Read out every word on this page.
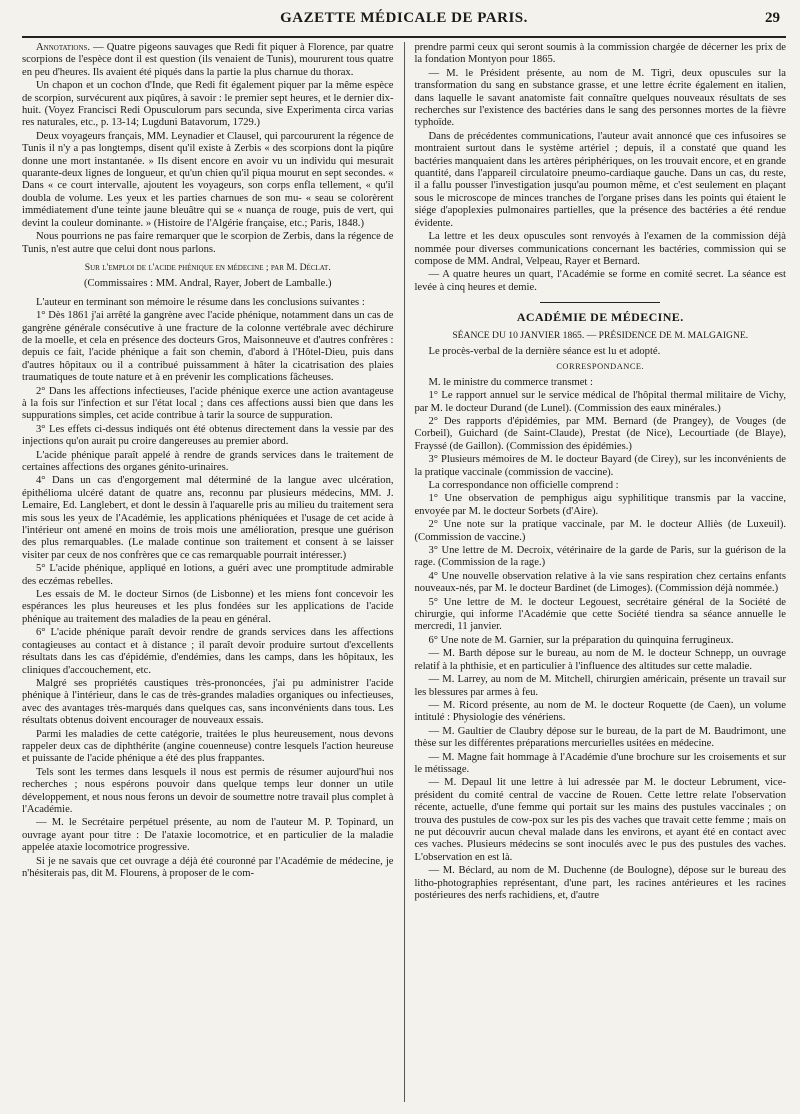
GAZETTE MÉDICALE DE PARIS.	29

Annotations. — Quatre pigeons sauvages que Redi fit piquer à Florence, par quatre scorpions de l'espèce dont il est question (ils venaient de Tunis), moururent tous quatre en peu d'heures. Ils avaient été piqués dans la partie la plus charnue du thorax.

Un chapon et un cochon d'Inde, que Redi fit également piquer par la même espèce de scorpion, survécurent aux piqûres, à savoir : le premier sept heures, et le dernier dix-huit. (Voyez Francisci Redi Opusculorum pars secunda, sive Experimenta circa varias res naturales, etc., p. 13-14; Lugduni Batavorum, 1729.)

Deux voyageurs français, MM. Leynadier et Clausel, qui parcoururent la régence de Tunis il n'y a pas longtemps, disent qu'il existe à Zerbis « des scorpions dont la piqûre donne une mort instantanée. » Ils disent encore en avoir vu un individu qui mesurait quarante-deux lignes de longueur, et qu'un chien qu'il piqua mourut en sept secondes. « Dans « ce court intervalle, ajoutent les voyageurs, son corps enfla tellement, « qu'il doubla de volume. Les yeux et les parties charnues de son mu- « seau se colorèrent immédiatement d'une teinte jaune bleuâtre qui se « nuança de rouge, puis de vert, qui devint la couleur dominante. » (Histoire de l'Algérie française, etc.; Paris, 1848.)

Nous pourrions ne pas faire remarquer que le scorpion de Zerbis, dans la régence de Tunis, n'est autre que celui dont nous parlons.

Sur l'emploi de l'acide phénique en médecine ; par M. Déclat.
(Commissaires : MM. Andral, Rayer, Jobert de Lamballe.)

L'auteur en terminant son mémoire le résume dans les conclusions suivantes :

1° Dès 1861 j'ai arrêté la gangrène avec l'acide phénique, notamment dans un cas de gangrène générale consécutive à une fracture de la colonne vertébrale avec déchirure de la moelle, et cela en présence des docteurs Gros, Maisonneuve et d'autres confrères : depuis ce fait, l'acide phénique a fait son chemin, d'abord à l'Hôtel-Dieu, puis dans d'autres hôpitaux ou il a contribué puissamment à hâter la cicatrisation des plaies traumatiques de toute nature et à en prévenir les complications fâcheuses.

2° Dans les affections infectieuses, l'acide phénique exerce une action avantageuse à la fois sur l'infection et sur l'état local ; dans ces affections aussi bien que dans les suppurations simples, cet acide contribue à tarir la source de suppuration.

3° Les effets ci-dessus indiqués ont été obtenus directement dans la vessie par des injections qu'on aurait pu croire dangereuses au premier abord.

L'acide phénique paraît appelé à rendre de grands services dans le traitement de certaines affections des organes génito-urinaires.

4° Dans un cas d'engorgement mal déterminé de la langue avec ulcération, épithélioma ulcéré datant de quatre ans, reconnu par plusieurs médecins, MM. J. Lemaire, Ed. Langlebert, et dont le dessin à l'aquarelle pris au milieu du traitement sera mis sous les yeux de l'Académie, les applications phéniquées et l'usage de cet acide à l'intérieur ont amené en moins de trois mois une amélioration, presque une guérison des plus remarquables. (Le malade continue son traitement et consent à se laisser visiter par ceux de nos confrères que ce cas remarquable pourrait intéresser.)

5° L'acide phénique, appliqué en lotions, a guéri avec une promptitude admirable des eczémas rebelles.

Les essais de M. le docteur Sirnos (de Lisbonne) et les miens font concevoir les espérances les plus heureuses et les plus fondées sur les applications de l'acide phénique au traitement des maladies de la peau en général.

6° L'acide phénique paraît devoir rendre de grands services dans les affections contagieuses au contact et à distance ; il paraît devoir produire surtout d'excellents résultats dans les cas d'épidémie, d'endémies, dans les camps, dans les hôpitaux, les cliniques d'accouchement, etc.

Malgré ses propriétés caustiques très-prononcées, j'ai pu administrer l'acide phénique à l'intérieur, dans le cas de très-grandes maladies organiques ou infectieuses, avec des avantages très-marqués dans quelques cas, sans inconvénients dans tous. Les résultats obtenus doivent encourager de nouveaux essais.

Parmi les maladies de cette catégorie, traitées le plus heureusement, nous devons rappeler deux cas de diphthérite (angine couenneuse) contre lesquels l'action heureuse et puissante de l'acide phénique a été des plus frappantes.

Tels sont les termes dans lesquels il nous est permis de résumer aujourd'hui nos recherches ; nous espérons pouvoir dans quelque temps leur donner un utile développement, et nous nous ferons un devoir de soumettre notre travail plus complet à l'Académie.

— M. le Secrétaire perpétuel présente, au nom de l'auteur M. P. Topinard, un ouvrage ayant pour titre : De l'ataxie locomotrice, et en particulier de la maladie appelée ataxie locomotrice progressive.

Si je ne savais que cet ouvrage a déjà été couronné par l'Académie de médecine, je n'hésiterais pas, dit M. Flourens, à proposer de le com-

prendre parmi ceux qui seront soumis à la commission chargée de décerner les prix de la fondation Montyon pour 1865.

— M. le Président présente, au nom de M. Tigri, deux opuscules sur la transformation du sang en substance grasse, et une lettre écrite également en italien, dans laquelle le savant anatomiste fait connaître quelques nouveaux résultats de ses recherches sur l'existence des bactéries dans le sang des personnes mortes de la fièvre typhoïde.

Dans de précédentes communications, l'auteur avait annoncé que ces infusoires se montraient surtout dans le système artériel ; depuis, il a constaté que quand les bactéries manquaient dans les artères périphériques, on les trouvait encore, et en grande quantité, dans l'appareil circulatoire pneumo-cardiaque gauche. Dans un cas, du reste, il a fallu pousser l'investigation jusqu'au poumon même, et c'est seulement en plaçant sous le microscope de minces tranches de l'organe prises dans les points qui étaient le siége d'apoplexies pulmonaires partielles, que la présence des bactéries a été rendue évidente.

La lettre et les deux opuscules sont renvoyés à l'examen de la commission déjà nommée pour diverses communications concernant les bactéries, commission qui se compose de MM. Andral, Velpeau, Rayer et Bernard.

— A quatre heures un quart, l'Académie se forme en comité secret. La séance est levée à cinq heures et demie.

ACADÉMIE DE MÉDECINE.
SÉANCE DU 10 JANVIER 1865. — PRÉSIDENCE DE M. MALGAIGNE.

Le procès-verbal de la dernière séance est lu et adopté.

CORRESPONDANCE.

M. le ministre du commerce transmet :

1° Le rapport annuel sur le service médical de l'hôpital thermal militaire de Vichy, par M. le docteur Durand (de Lunel). (Commission des eaux minérales.)

2° Des rapports d'épidémies, par MM. Bernard (de Prangey), de Vouges (de Corbeil), Guichard (de Saint-Claude), Prestat (de Nice), Lecourtiade (de Blaye), Frayssé (de Gaillon). (Commission des épidémies.)

3° Plusieurs mémoires de M. le docteur Bayard (de Cirey), sur les inconvénients de la pratique vaccinale (commission de vaccine).

La correspondance non officielle comprend :

1° Une observation de pemphigus aigu syphilitique transmis par la vaccine, envoyée par M. le docteur Sorbets (d'Aire).

2° Une note sur la pratique vaccinale, par M. le docteur Alliès (de Luxeuil). (Commission de vaccine.)

3° Une lettre de M. Decroix, vétérinaire de la garde de Paris, sur la guérison de la rage. (Commission de la rage.)

4° Une nouvelle observation relative à la vie sans respiration chez certains enfants nouveaux-nés, par M. le docteur Bardinet (de Limoges). (Commission déjà nommée.)

5° Une lettre de M. le docteur Legouest, secrétaire général de la Société de chirurgie, qui informe l'Académie que cette Société tiendra sa séance annuelle le mercredi, 11 janvier.

6° Une note de M. Garnier, sur la préparation du quinquina ferrugineux.

— M. Barth dépose sur le bureau, au nom de M. le docteur Schnepp, un ouvrage relatif à la phthisie, et en particulier à l'influence des altitudes sur cette maladie.

— M. Larrey, au nom de M. Mitchell, chirurgien américain, présente un travail sur les blessures par armes à feu.

— M. Ricord présente, au nom de M. le docteur Roquette (de Caen), un volume intitulé : Physiologie des vénériens.

— M. Gaultier de Claubry dépose sur le bureau, de la part de M. Baudrimont, une thèse sur les différentes préparations mercurielles usitées en médecine.

— M. Magne fait hommage à l'Académie d'une brochure sur les croisements et sur le métissage.

— M. Depaul lit une lettre à lui adressée par M. le docteur Lebrument, vice-président du comité central de vaccine de Rouen. Cette lettre relate l'observation récente, actuelle, d'une femme qui portait sur les mains des pustules vaccinales ; on trouva des pustules de cow-pox sur les pis des vaches que travait cette femme ; mais on ne put découvrir aucun cheval malade dans les environs, et ayant été en contact avec ces vaches. Plusieurs médecins se sont inoculés avec le pus des pustules des vaches. L'observation en est là.

— M. Béclard, au nom de M. Duchenne (de Boulogne), dépose sur le bureau des litho-photographies représentant, d'une part, les racines antérieures et les racines postérieures des nerfs rachidiens, et, d'autre
